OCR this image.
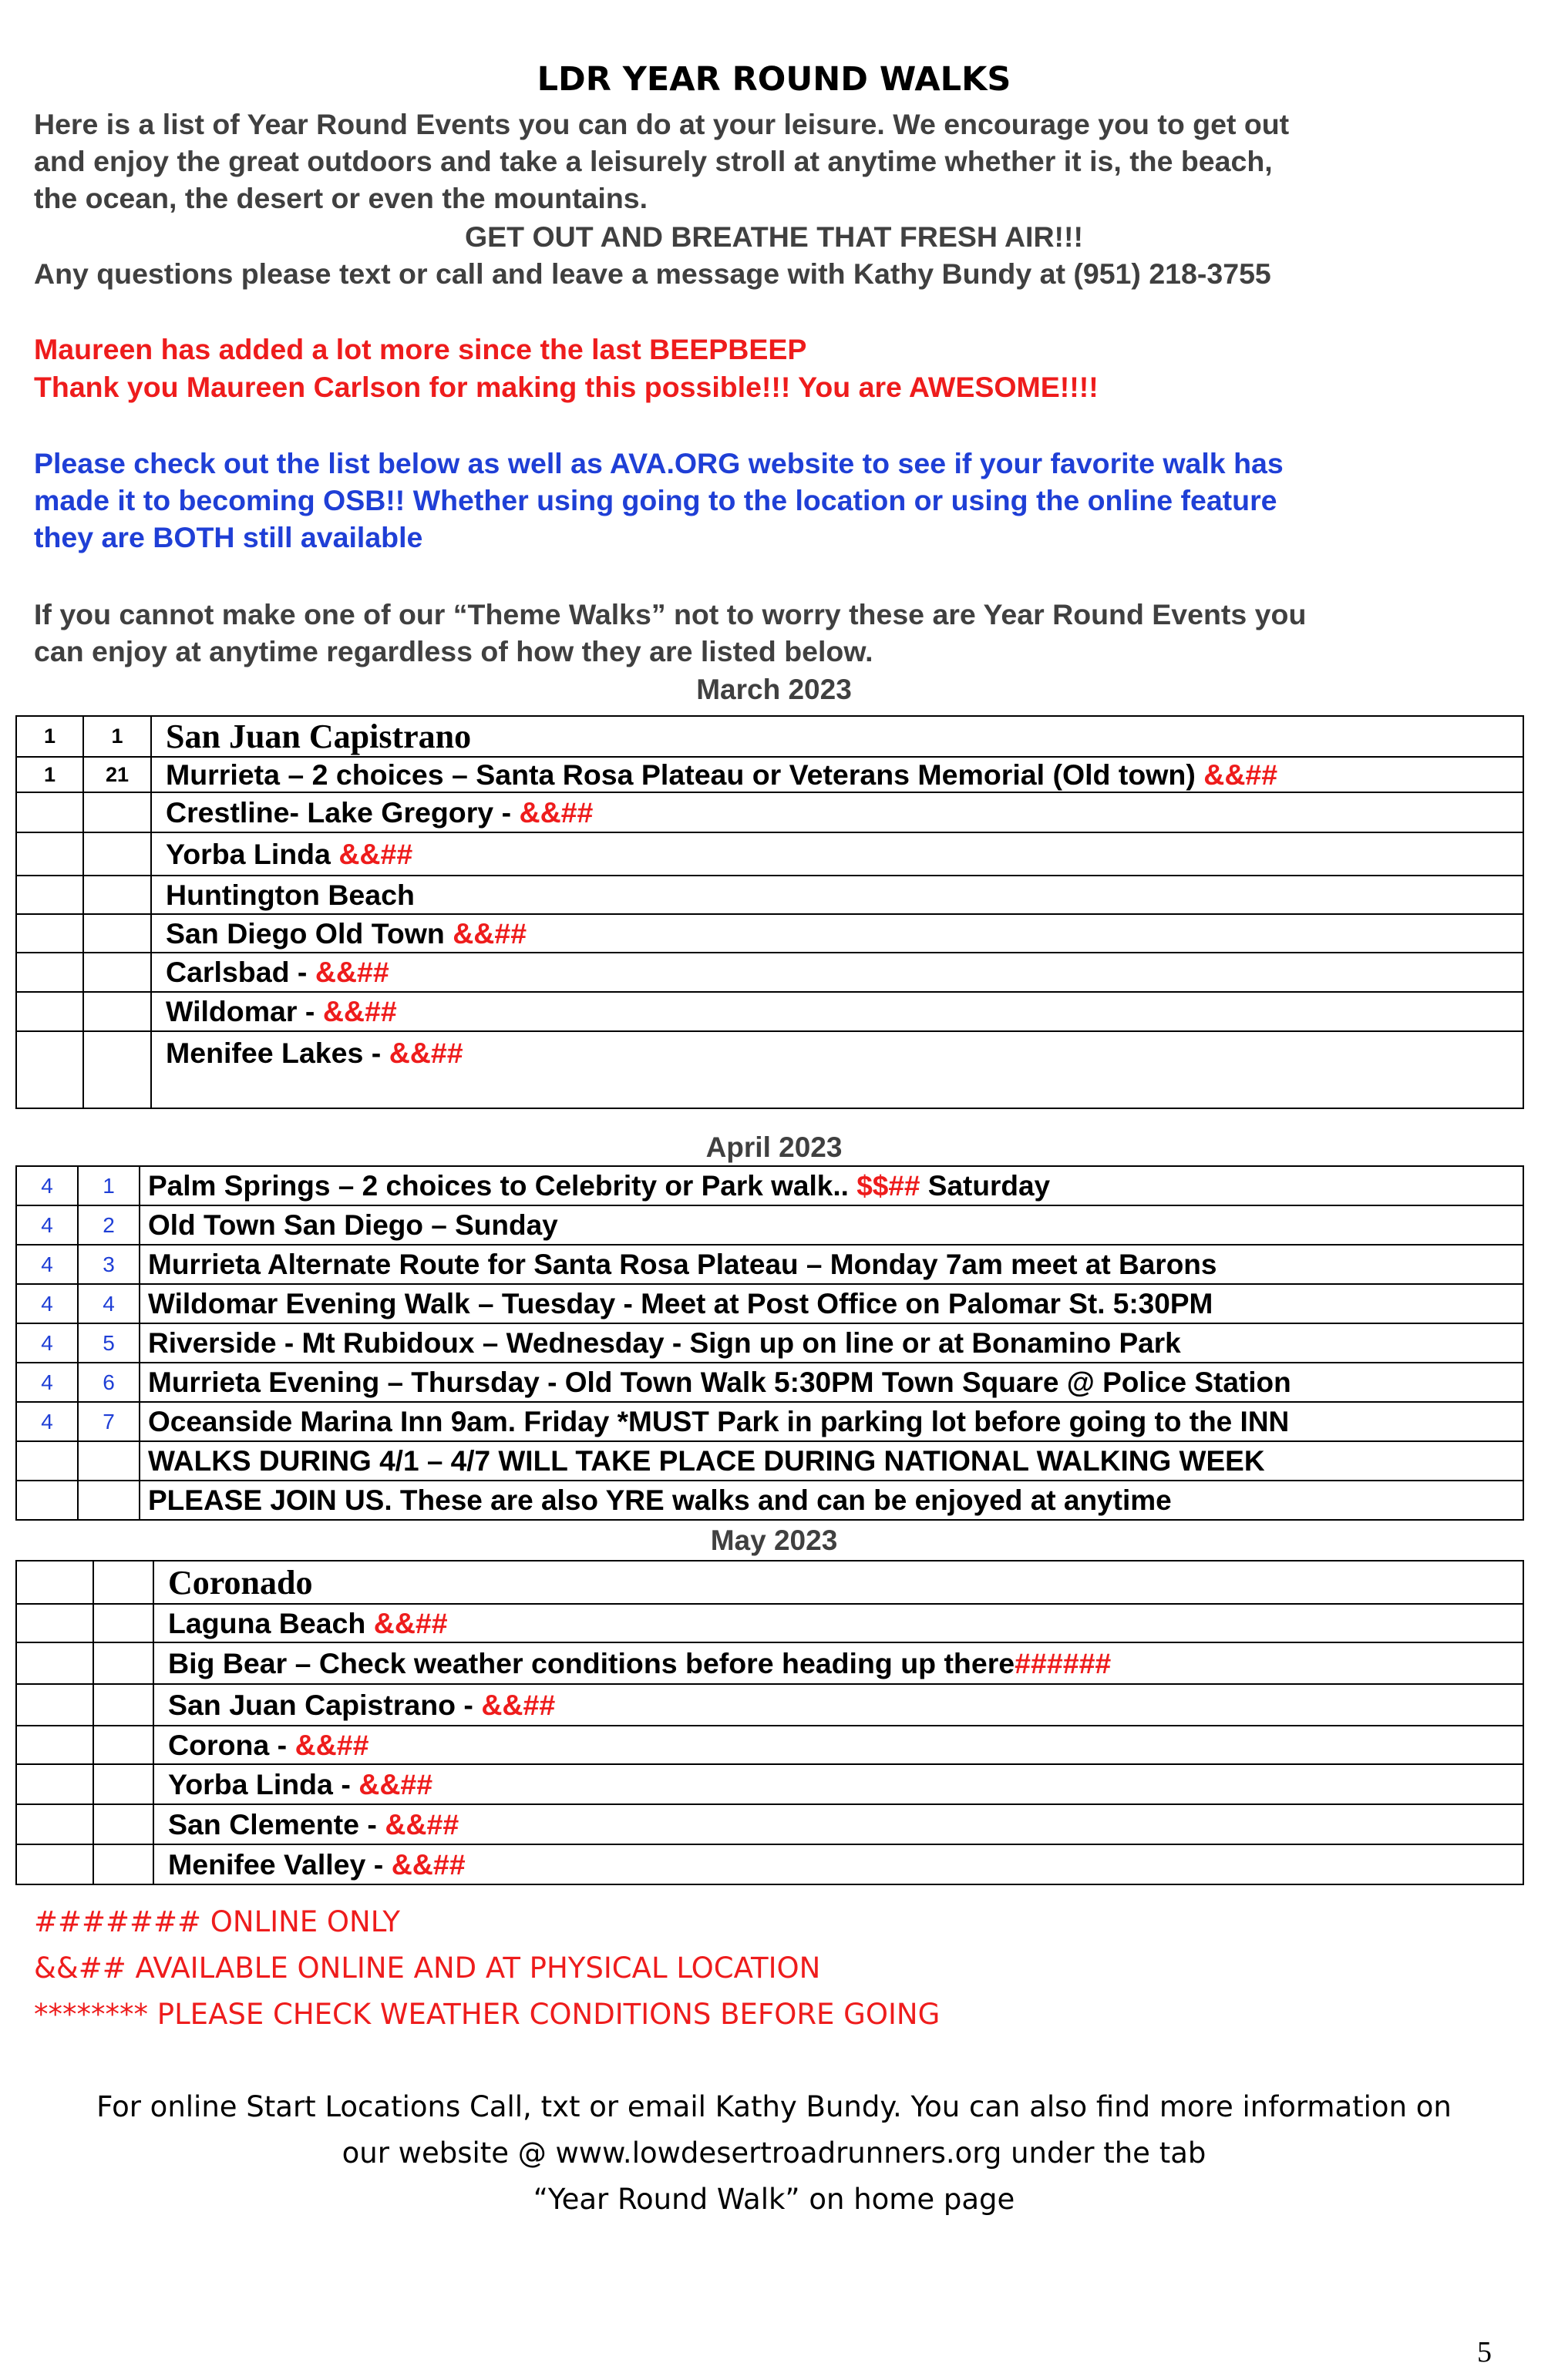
LDR YEAR ROUND WALKS
Here is a list of Year Round Events you can do at your leisure. We encourage you to get out
and enjoy the great outdoors and take a leisurely stroll at anytime whether it is, the beach,
the ocean, the desert or even the mountains.
GET OUT AND BREATHE THAT FRESH AIR!!!
Any questions please text or call and leave a message with Kathy Bundy at (951) 218-3755
Maureen has added a lot more since the last BEEPBEEP
Thank you Maureen Carlson for making this possible!!! You are AWESOME!!!!
Please check out the list below as well as AVA.ORG website to see if your favorite walk has
made it to becoming OSB!! Whether using going to the location or using the online feature
they are BOTH still available
If you cannot make one of our “Theme Walks” not to worry these are Year Round Events you
can enjoy at anytime regardless of how they are listed below.
March 2023
1	1	San Juan Capistrano
1	21	Murrieta – 2 choices – Santa Rosa Plateau or Veterans Memorial (Old town) &&##
		Crestline- Lake Gregory - &&##
		Yorba Linda &&##
		Huntington Beach
		San Diego Old Town &&##
		Carlsbad - &&##
		Wildomar - &&##
		Menifee Lakes - &&##
April 2023
4	1	Palm Springs – 2 choices to Celebrity or Park walk.. $$## Saturday
4	2	Old Town San Diego – Sunday
4	3	Murrieta Alternate Route for Santa Rosa Plateau – Monday 7am meet at Barons
4	4	Wildomar Evening Walk – Tuesday - Meet at Post Office on Palomar St. 5:30PM
4	5	Riverside - Mt Rubidoux – Wednesday - Sign up on line or at Bonamino Park
4	6	Murrieta Evening – Thursday - Old Town Walk 5:30PM Town Square @ Police Station
4	7	Oceanside Marina Inn 9am. Friday *MUST Park in parking lot before going to the INN
		WALKS DURING 4/1 – 4/7 WILL TAKE PLACE DURING NATIONAL WALKING WEEK
		PLEASE JOIN US. These are also YRE walks and can be enjoyed at anytime
May 2023
		Coronado
		Laguna Beach &&##
		Big Bear – Check weather conditions before heading up there######
		San Juan Capistrano - &&##
		Corona - &&##
		Yorba Linda - &&##
		San Clemente - &&##
		Menifee Valley - &&##
####### ONLINE ONLY
&&## AVAILABLE ONLINE AND AT PHYSICAL LOCATION
******** PLEASE CHECK WEATHER CONDITIONS BEFORE GOING
For online Start Locations Call, txt or email Kathy Bundy. You can also find more information on
our website @ www.lowdesertroadrunners.org under the tab
“Year Round Walk” on home page
5
